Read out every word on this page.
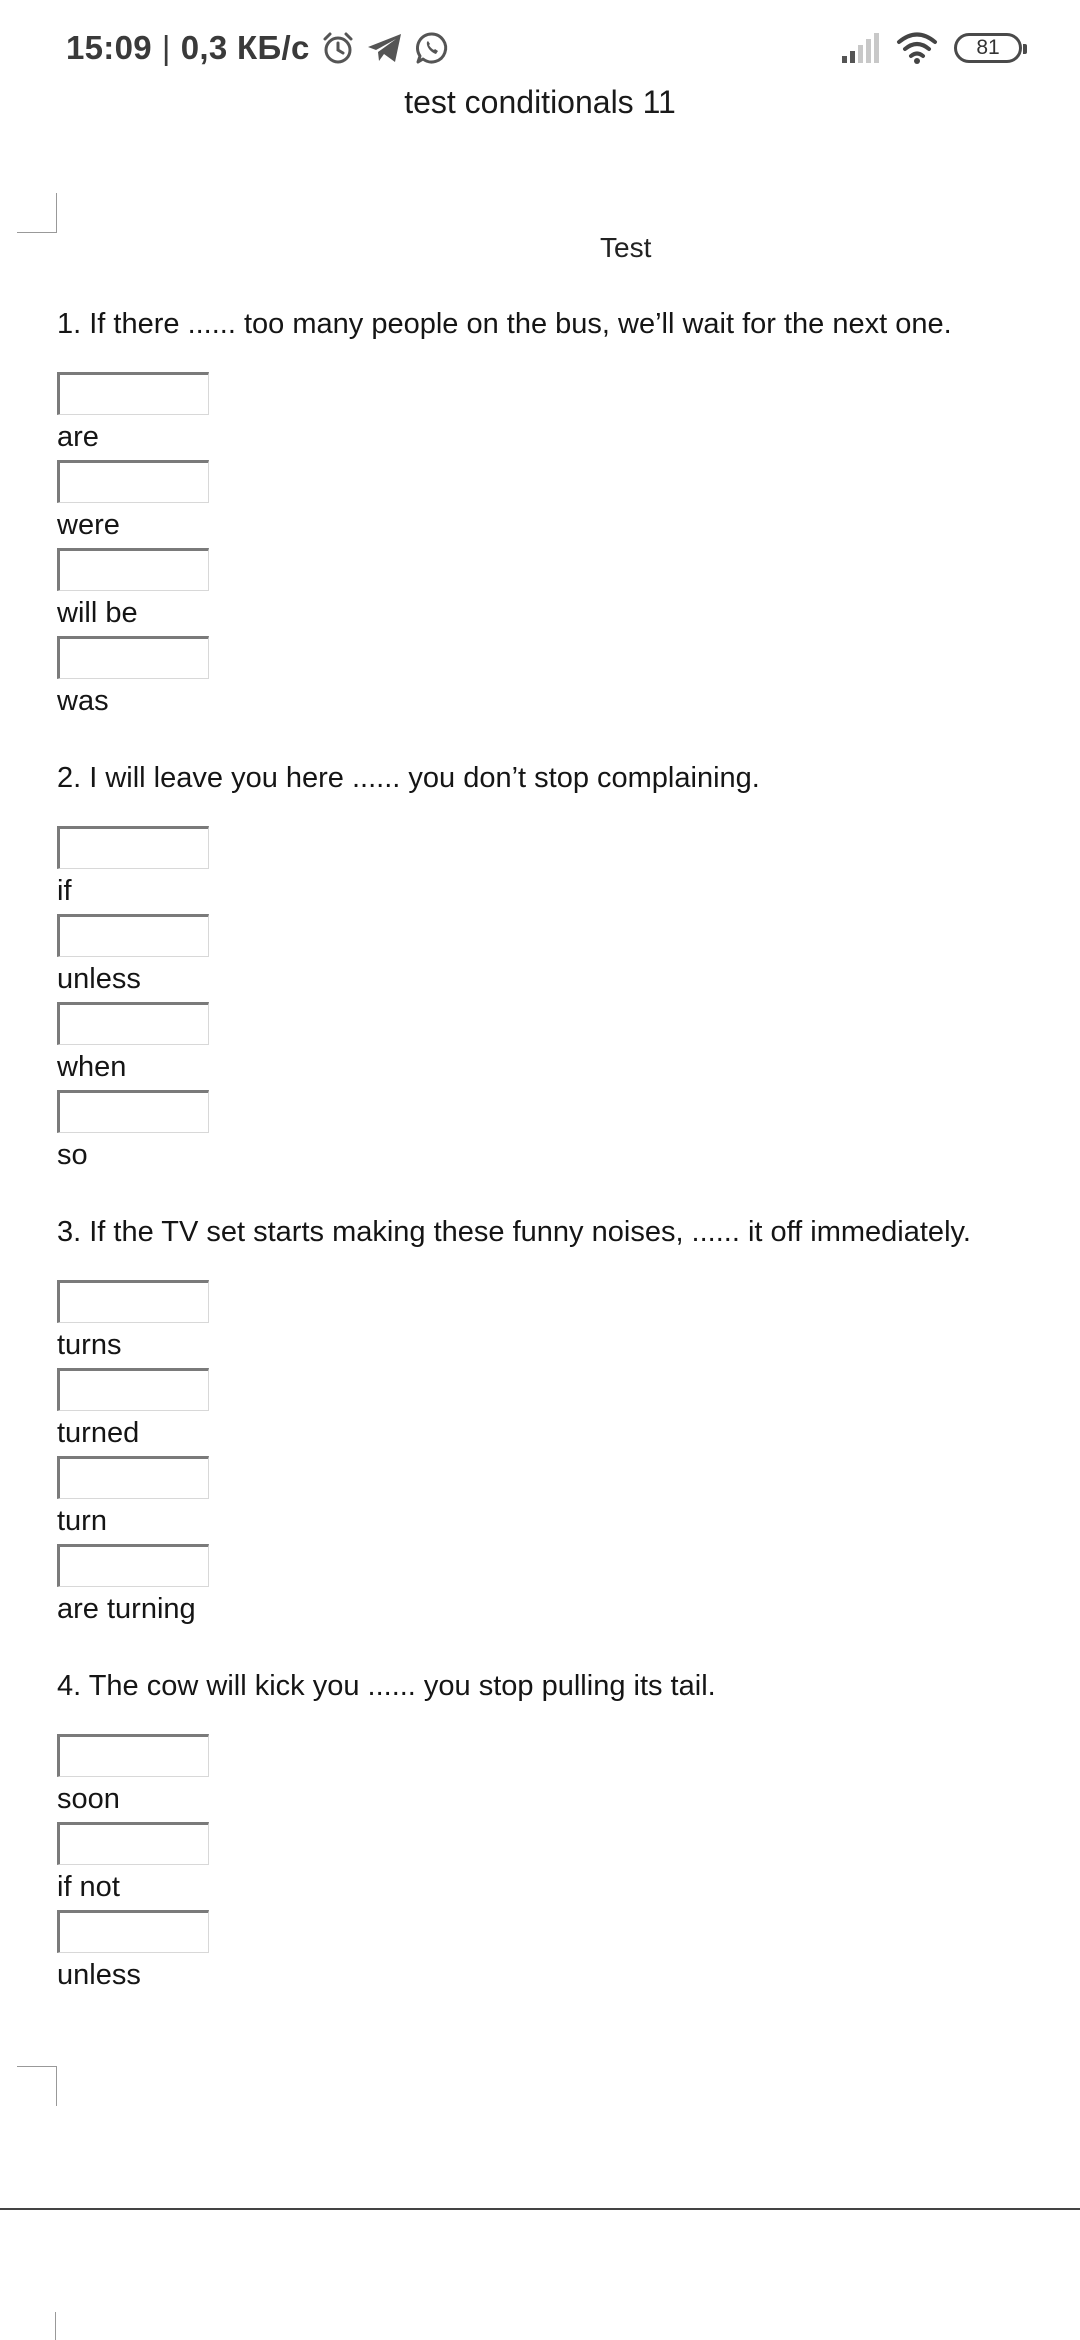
15:09 | 0,3 КБ/с	81
test conditionals 11
Test
1. If there ...... too many people on the bus, we’ll wait for the next one.
are
were
will be
was
2. I will leave you here ...... you don’t stop complaining.
if
unless
when
so
3. If the TV set starts making these funny noises, ...... it off immediately.
turns
turned
turn
are turning
4. The cow will kick you ...... you stop pulling its tail.
soon
if not
unless
